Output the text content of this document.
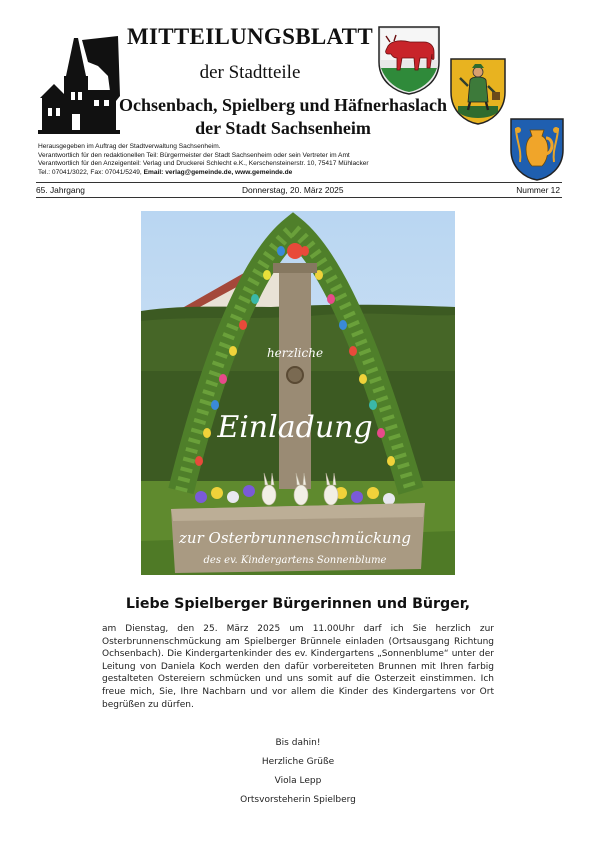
MITTEILUNGSBLATT
der Stadtteile
Ochsenbach, Spielberg und Häfnerhaslach
der Stadt Sachsenheim
Herausgegeben im Auftrag der Stadtverwaltung Sachsenheim.
Verantwortlich für den redaktionellen Teil: Bürgermeister der Stadt Sachsenheim oder sein Vertreter im Amt
Verantwortlich für den Anzeigenteil: Verlag und Druckerei Schlecht e.K., Kerschensteinerstr. 10, 75417 Mühlacker
Tel.: 07041/3022, Fax: 07041/5249, Email: verlag@gemeinde.de, www.gemeinde.de
65. Jahrgang	Donnerstag, 20. März 2025	Nummer 12
herzliche
Einladung
zur Osterbrunnenschmückung
des ev. Kindergartens Sonnenblume
Liebe Spielberger Bürgerinnen und Bürger,
am Dienstag, den 25. März 2025 um 11.00Uhr darf ich Sie herzlich zur Osterbrunnenschmückung am Spielberger Brünnele einladen (Ortsausgang Richtung Ochsenbach). Die Kindergartenkinder des ev. Kindergartens „Sonnenblume“ unter der Leitung von Daniela Koch werden den dafür vorbereiteten Brunnen mit Ihren farbig gestalteten Ostereiern schmücken und uns somit auf die Osterzeit einstimmen. Ich freue mich, Sie, Ihre Nachbarn und vor allem die Kinder des Kindergartens vor Ort begrüßen zu dürfen.
Bis dahin!
Herzliche Grüße
Viola Lepp
Ortsvorsteherin Spielberg
